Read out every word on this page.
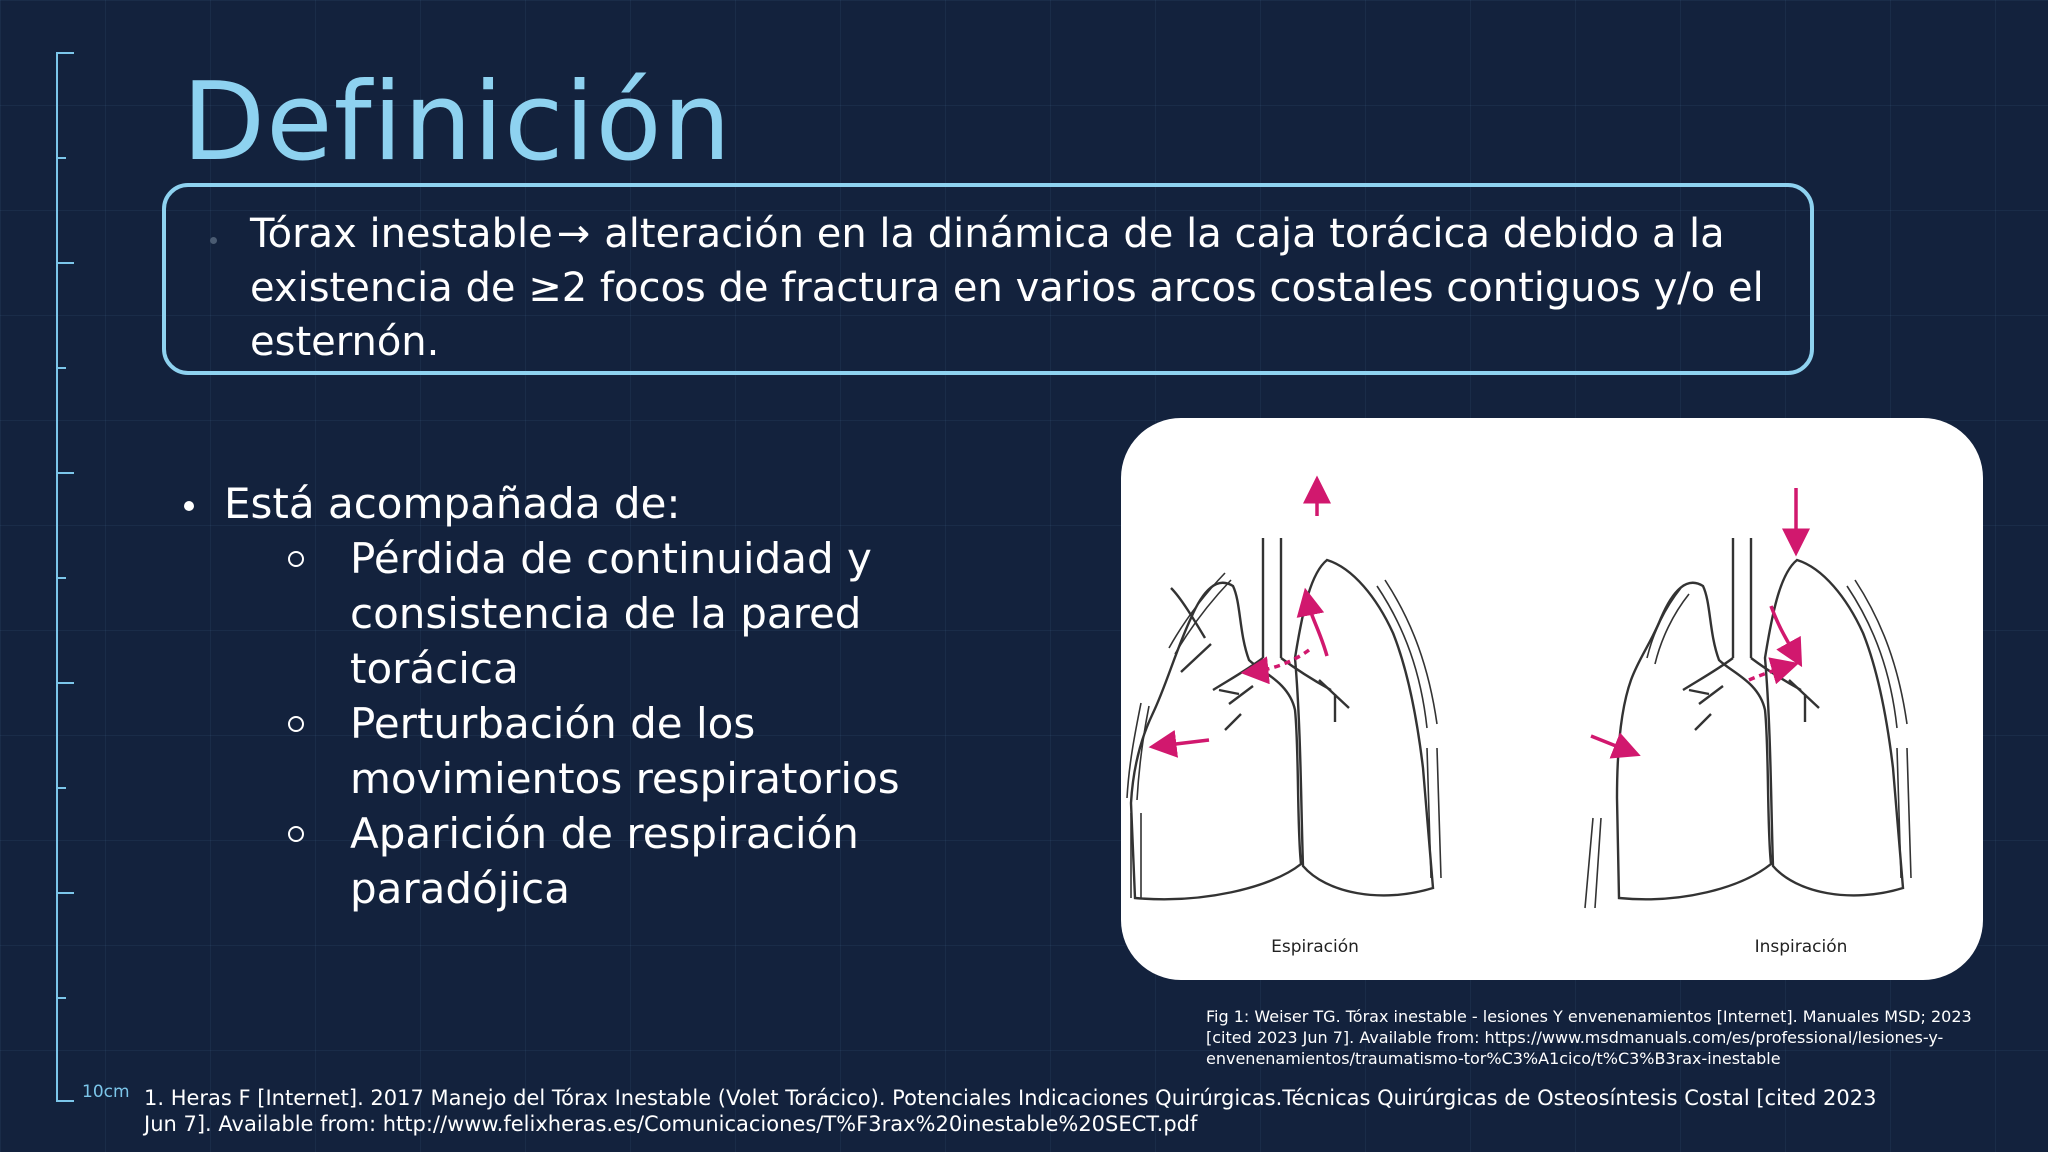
10cm
Definición
Tórax inestable → alteración en la dinámica de la caja torácica debido a la existencia de ≥2 focos de fractura en varios arcos costales contiguos y/o el esternón.
Está acompañada de:
Pérdida de continuidad y consistencia de la pared torácica
Perturbación de los movimientos respiratorios
Aparición de respiración paradójica
Espiración	Inspiración
Fig 1: Weiser TG. Tórax inestable - lesiones Y envenenamientos [Internet]. Manuales MSD; 2023 [cited 2023 Jun 7]. Available from: https://www.msdmanuals.com/es/professional/lesiones-y-envenenamientos/traumatismo-tor%C3%A1cico/t%C3%B3rax-inestable
1. Heras F [Internet]. 2017 Manejo del Tórax Inestable (Volet Torácico). Potenciales Indicaciones Quirúrgicas.Técnicas Quirúrgicas de Osteosíntesis Costal [cited 2023 Jun 7]. Available from: http://www.felixheras.es/Comunicaciones/T%F3rax%20inestable%20SECT.pdf
